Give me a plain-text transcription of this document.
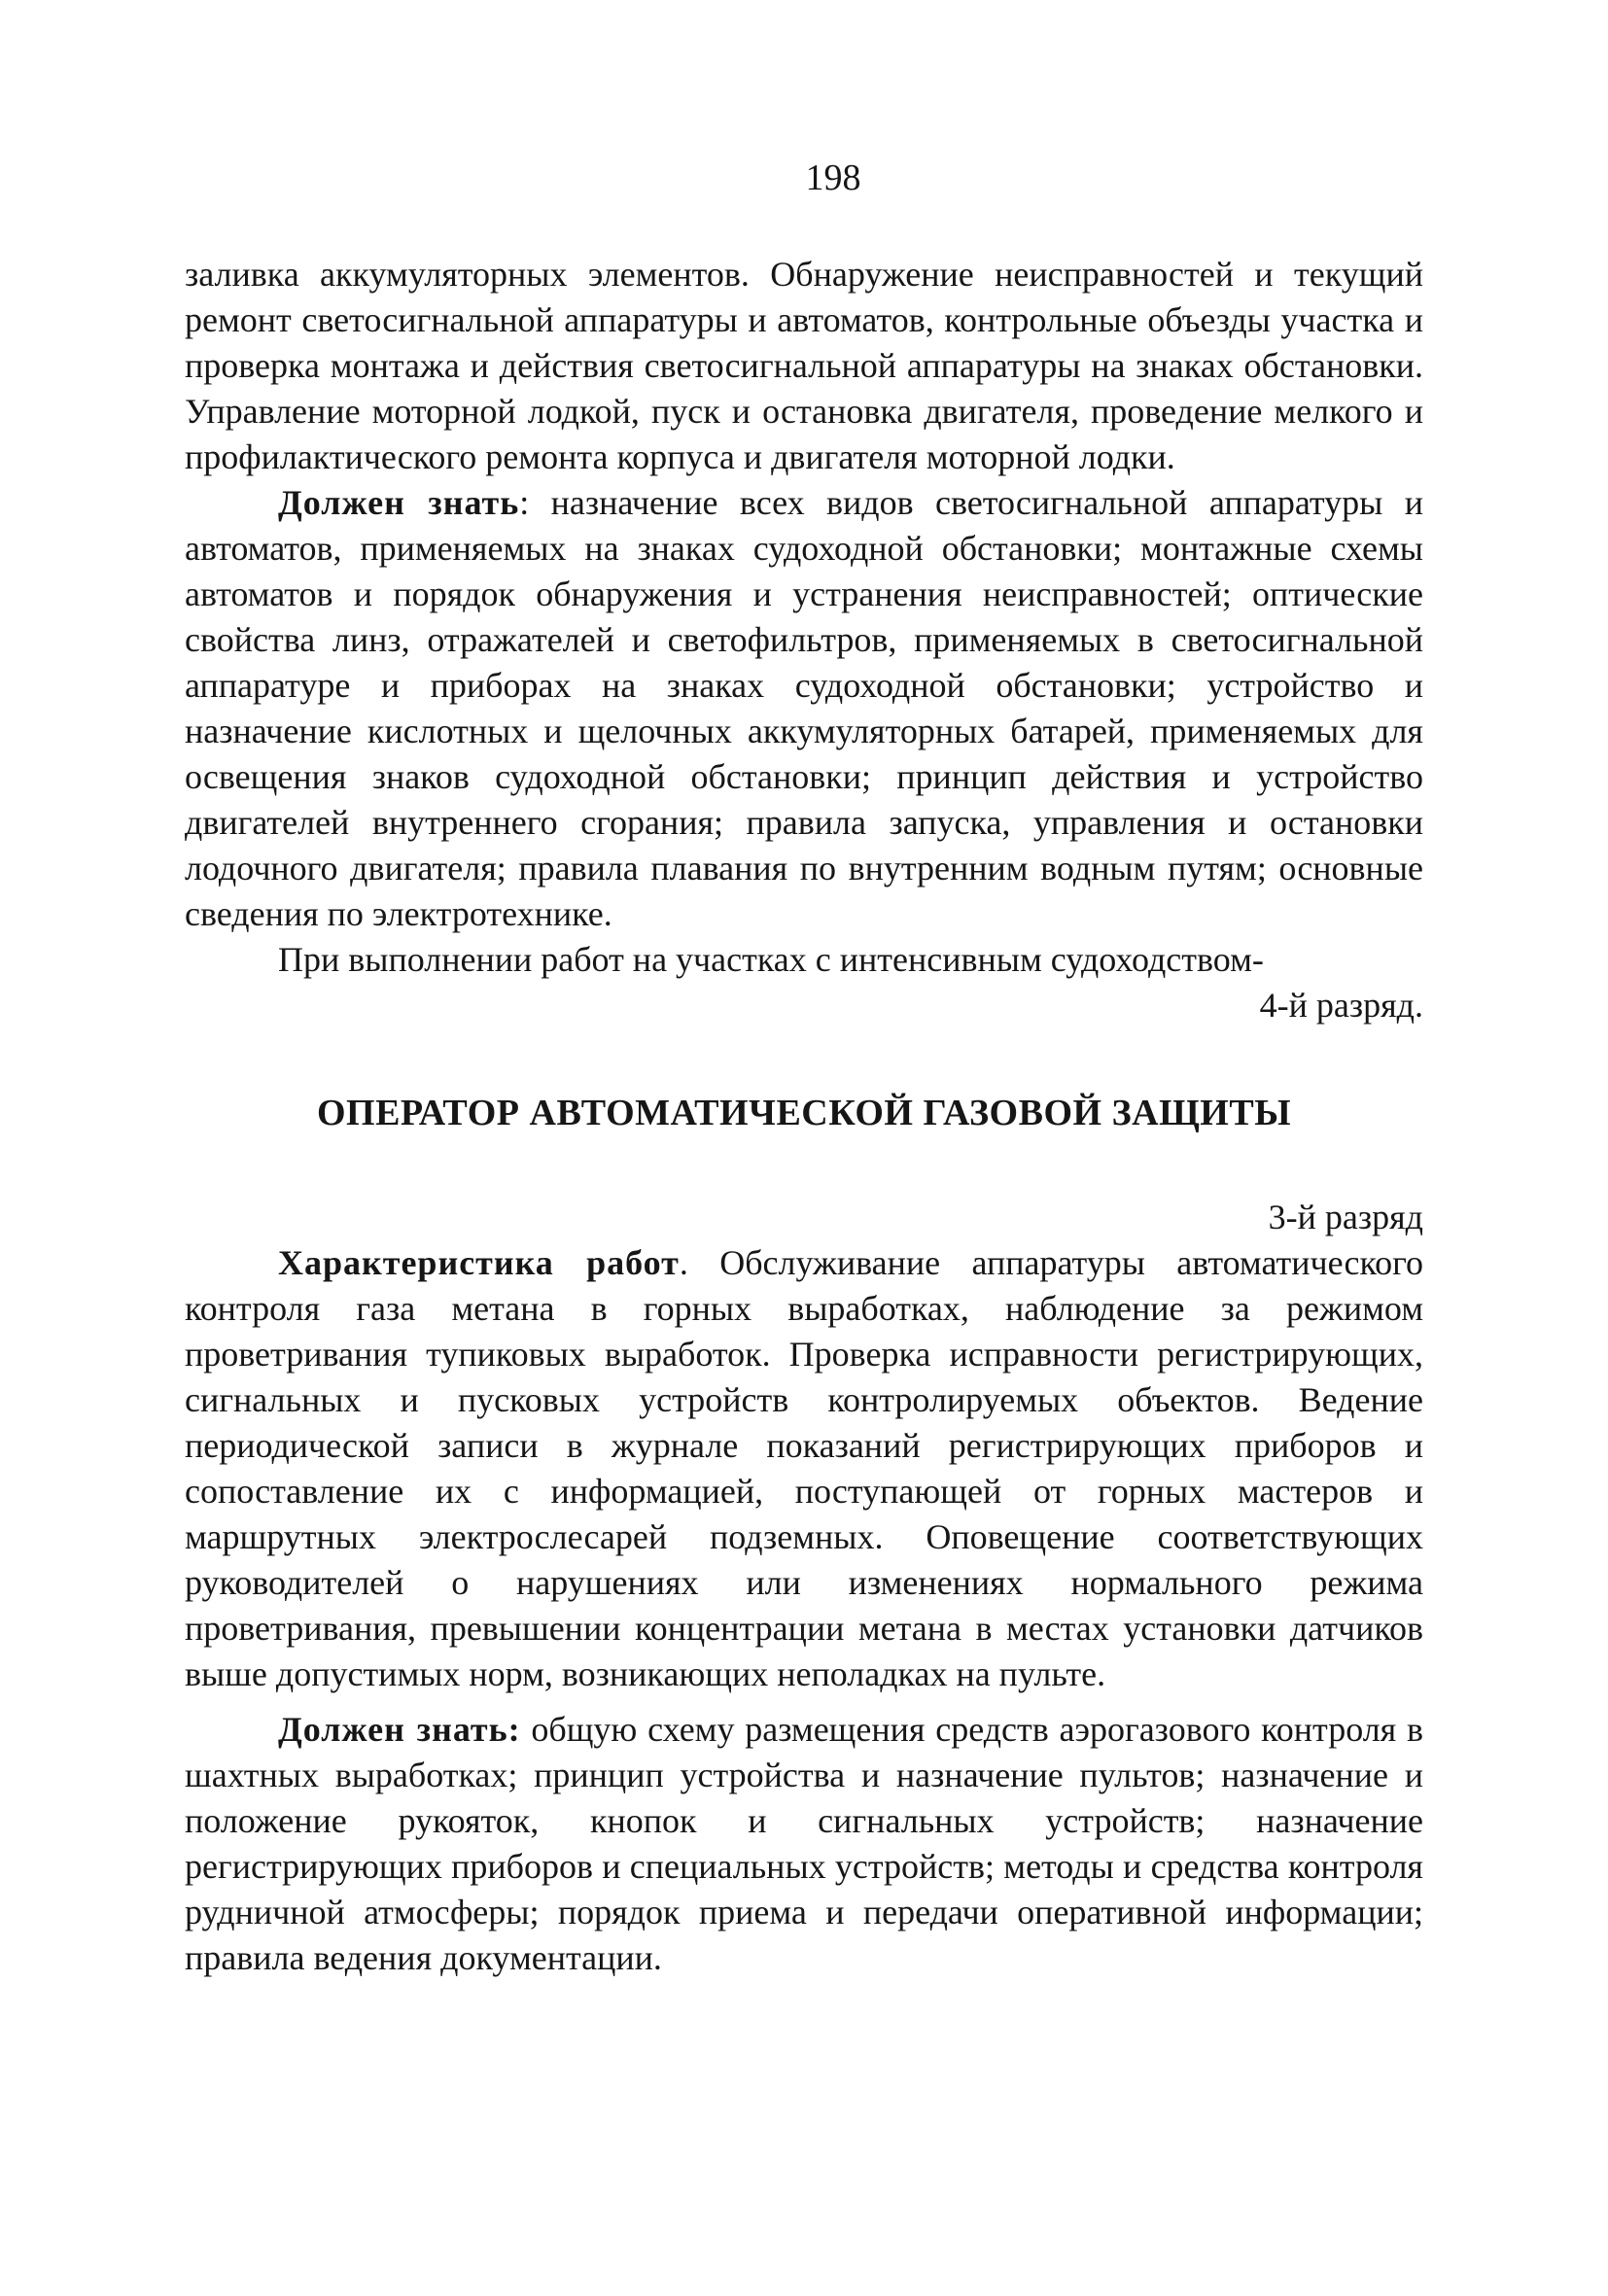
198

заливка аккумуляторных элементов. Обнаружение неисправностей и текущий ремонт светосигнальной аппаратуры и автоматов, контрольные объезды участка и проверка монтажа и действия светосигнальной аппаратуры на знаках обстановки. Управление моторной лодкой, пуск и остановка двигателя, проведение мелкого и профилактического ремонта корпуса и двигателя моторной лодки.

Должен знать: назначение всех видов светосигнальной аппаратуры и автоматов, применяемых на знаках судоходной обстановки; монтажные схемы автоматов и порядок обнаружения и устранения неисправностей; оптические свойства линз, отражателей и светофильтров, применяемых в светосигнальной аппаратуре и приборах на знаках судоходной обстановки; устройство и назначение кислотных и щелочных аккумуляторных батарей, применяемых для освещения знаков судоходной обстановки; принцип действия и устройство двигателей внутреннего сгорания; правила запуска, управления и остановки лодочного двигателя; правила плавания по внутренним водным путям; основные сведения по электротехнике.

При выполнении работ на участках с интенсивным судоходством-

4-й разряд.

ОПЕРАТОР АВТОМАТИЧЕСКОЙ ГАЗОВОЙ ЗАЩИТЫ

3-й разряд

Характеристика работ. Обслуживание аппаратуры автоматического контроля газа метана в горных выработках, наблюдение за режимом проветривания тупиковых выработок. Проверка исправности регистрирующих, сигнальных и пусковых устройств контролируемых объектов. Ведение периодической записи в журнале показаний регистрирующих приборов и сопоставление их с информацией, поступающей от горных мастеров и маршрутных электрослесарей подземных. Оповещение соответствующих руководителей о нарушениях или изменениях нормального режима проветривания, превышении концентрации метана в местах установки датчиков выше допустимых норм, возникающих неполадках на пульте.

Должен знать: общую схему размещения средств аэрогазового контроля в шахтных выработках; принцип устройства и назначение пультов; назначение и положение рукояток, кнопок и сигнальных устройств; назначение регистрирующих приборов и специальных устройств; методы и средства контроля рудничной атмосферы; порядок приема и передачи оперативной информации; правила ведения документации.
